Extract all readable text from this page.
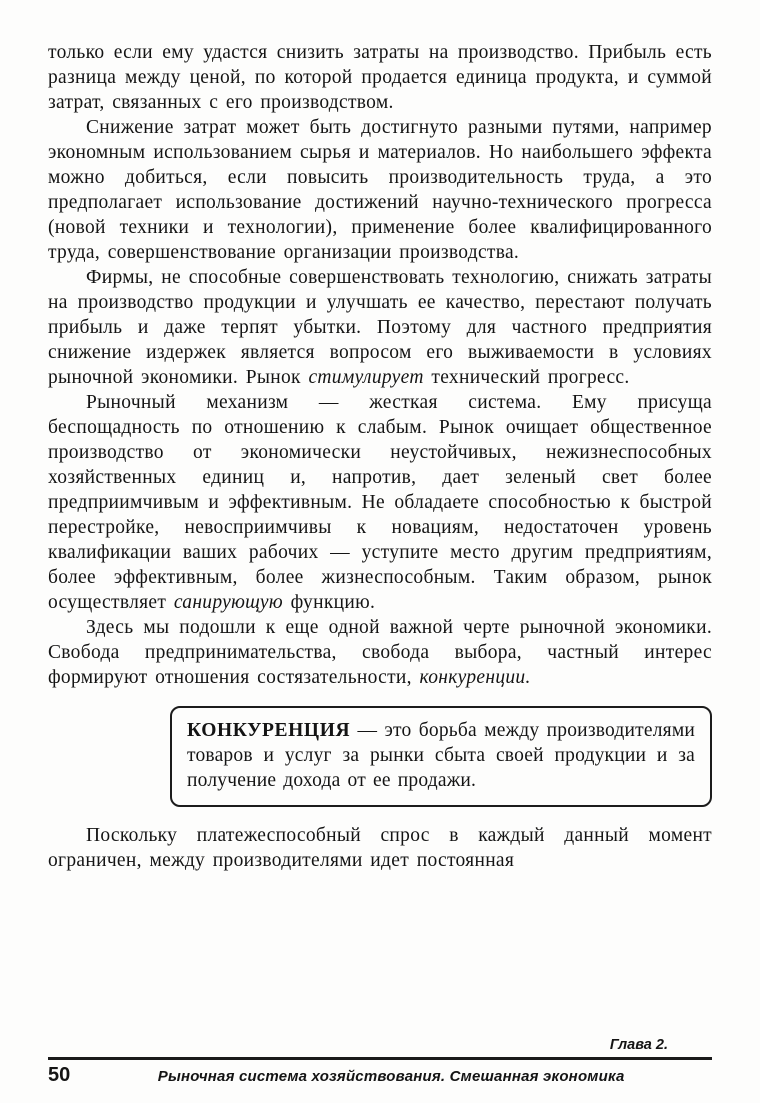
только если ему удастся снизить затраты на производство. Прибыль есть разница между ценой, по которой продается единица продукта, и суммой затрат, связанных с его производством.

Снижение затрат может быть достигнуто разными путями, например экономным использованием сырья и материалов. Но наибольшего эффекта можно добиться, если повысить производительность труда, а это предполагает использование достижений научно-технического прогресса (новой техники и технологии), применение более квалифицированного труда, совершенствование организации производства.

Фирмы, не способные совершенствовать технологию, снижать затраты на производство продукции и улучшать ее качество, перестают получать прибыль и даже терпят убытки. Поэтому для частного предприятия снижение издержек является вопросом его выживаемости в условиях рыночной экономики. Рынок стимулирует технический прогресс.

Рыночный механизм — жесткая система. Ему присуща беспощадность по отношению к слабым. Рынок очищает общественное производство от экономически неустойчивых, нежизнеспособных хозяйственных единиц и, напротив, дает зеленый свет более предприимчивым и эффективным. Не обладаете способностью к быстрой перестройке, невосприимчивы к новациям, недостаточен уровень квалификации ваших рабочих — уступите место другим предприятиям, более эффективным, более жизнеспособным. Таким образом, рынок осуществляет санирующую функцию.

Здесь мы подошли к еще одной важной черте рыночной экономики. Свобода предпринимательства, свобода выбора, частный интерес формируют отношения состязательности, конкуренции.

КОНКУРЕНЦИЯ — это борьба между производителями товаров и услуг за рынки сбыта своей продукции и за получение дохода от ее продажи.

Поскольку платежеспособный спрос в каждый данный момент ограничен, между производителями идет постоянная

Глава 2.
50	Рыночная система хозяйствования. Смешанная экономика
